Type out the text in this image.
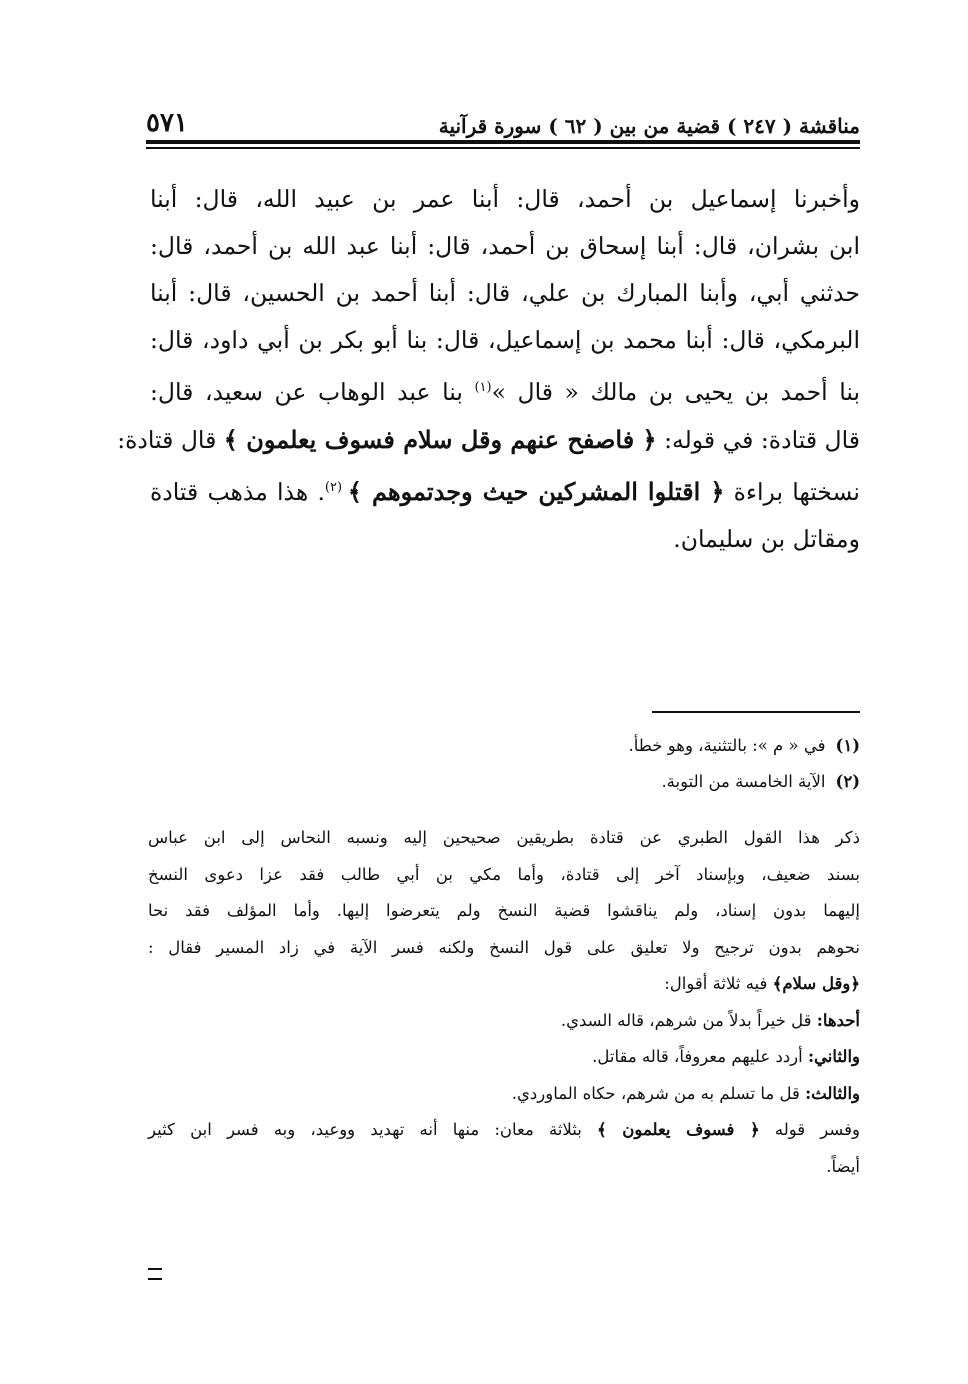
مناقشة ( ٢٤٧ ) قضية من بين ( ٦٢ ) سورة قرآنية
٥٧١
وأخبرنا إسماعيل بن أحمد، قال: أبنا عمر بن عبيد الله، قال: أبنا
ابن بشران، قال: أبنا إسحاق بن أحمد، قال: أبنا عبد الله بن أحمد، قال:
حدثني أبي، وأبنا المبارك بن علي، قال: أبنا أحمد بن الحسين، قال: أبنا
البرمكي، قال: أبنا محمد بن إسماعيل، قال: بنا أبو بكر بن أبي داود، قال:
بنا أحمد بن يحيى بن مالك « قال »$^{(١)}$ بنا عبد الوهاب عن سعيد، قال:
قال قتادة: في قوله: ﴿ فاصفح عنهم وقل سلام فسوف يعلمون ﴾ قال قتادة:
نسختها براءة ﴿ اقتلوا المشركين حيث وجدتموهم ﴾ $^{(٢)}$. هذا مذهب قتادة
ومقاتل بن سليمان.
(١)في « م »: بالتثنية، وهو خطأ.
(٢)الآية الخامسة من التوبة.
ذكر هذا القول الطبري عن قتادة بطريقين صحيحين إليه ونسبه النحاس إلى ابن عباس
بسند ضعيف، وبإسناد آخر إلى قتادة، وأما مكي بن أبي طالب فقد عزا دعوى النسخ
إليهما بدون إسناد، ولم يناقشوا قضية النسخ ولم يتعرضوا إليها. وأما المؤلف فقد نحا
نحوهم بدون ترجيح ولا تعليق على قول النسخ ولكنه فسر الآية في زاد المسير فقال :
﴿وقل سلام﴾ فيه ثلاثة أقوال:
أحدها: قل خيراً بدلاً من شرهم، قاله السدي.
والثاني: أردد عليهم معروفاً، قاله مقاتل.
والثالث: قل ما تسلم به من شرهم، حكاه الماوردي.
وفسر قوله ﴿ فسوف يعلمون ﴾ بثلاثة معان: منها أنه تهديد ووعيد، وبه فسر ابن كثير
أيضاً.
